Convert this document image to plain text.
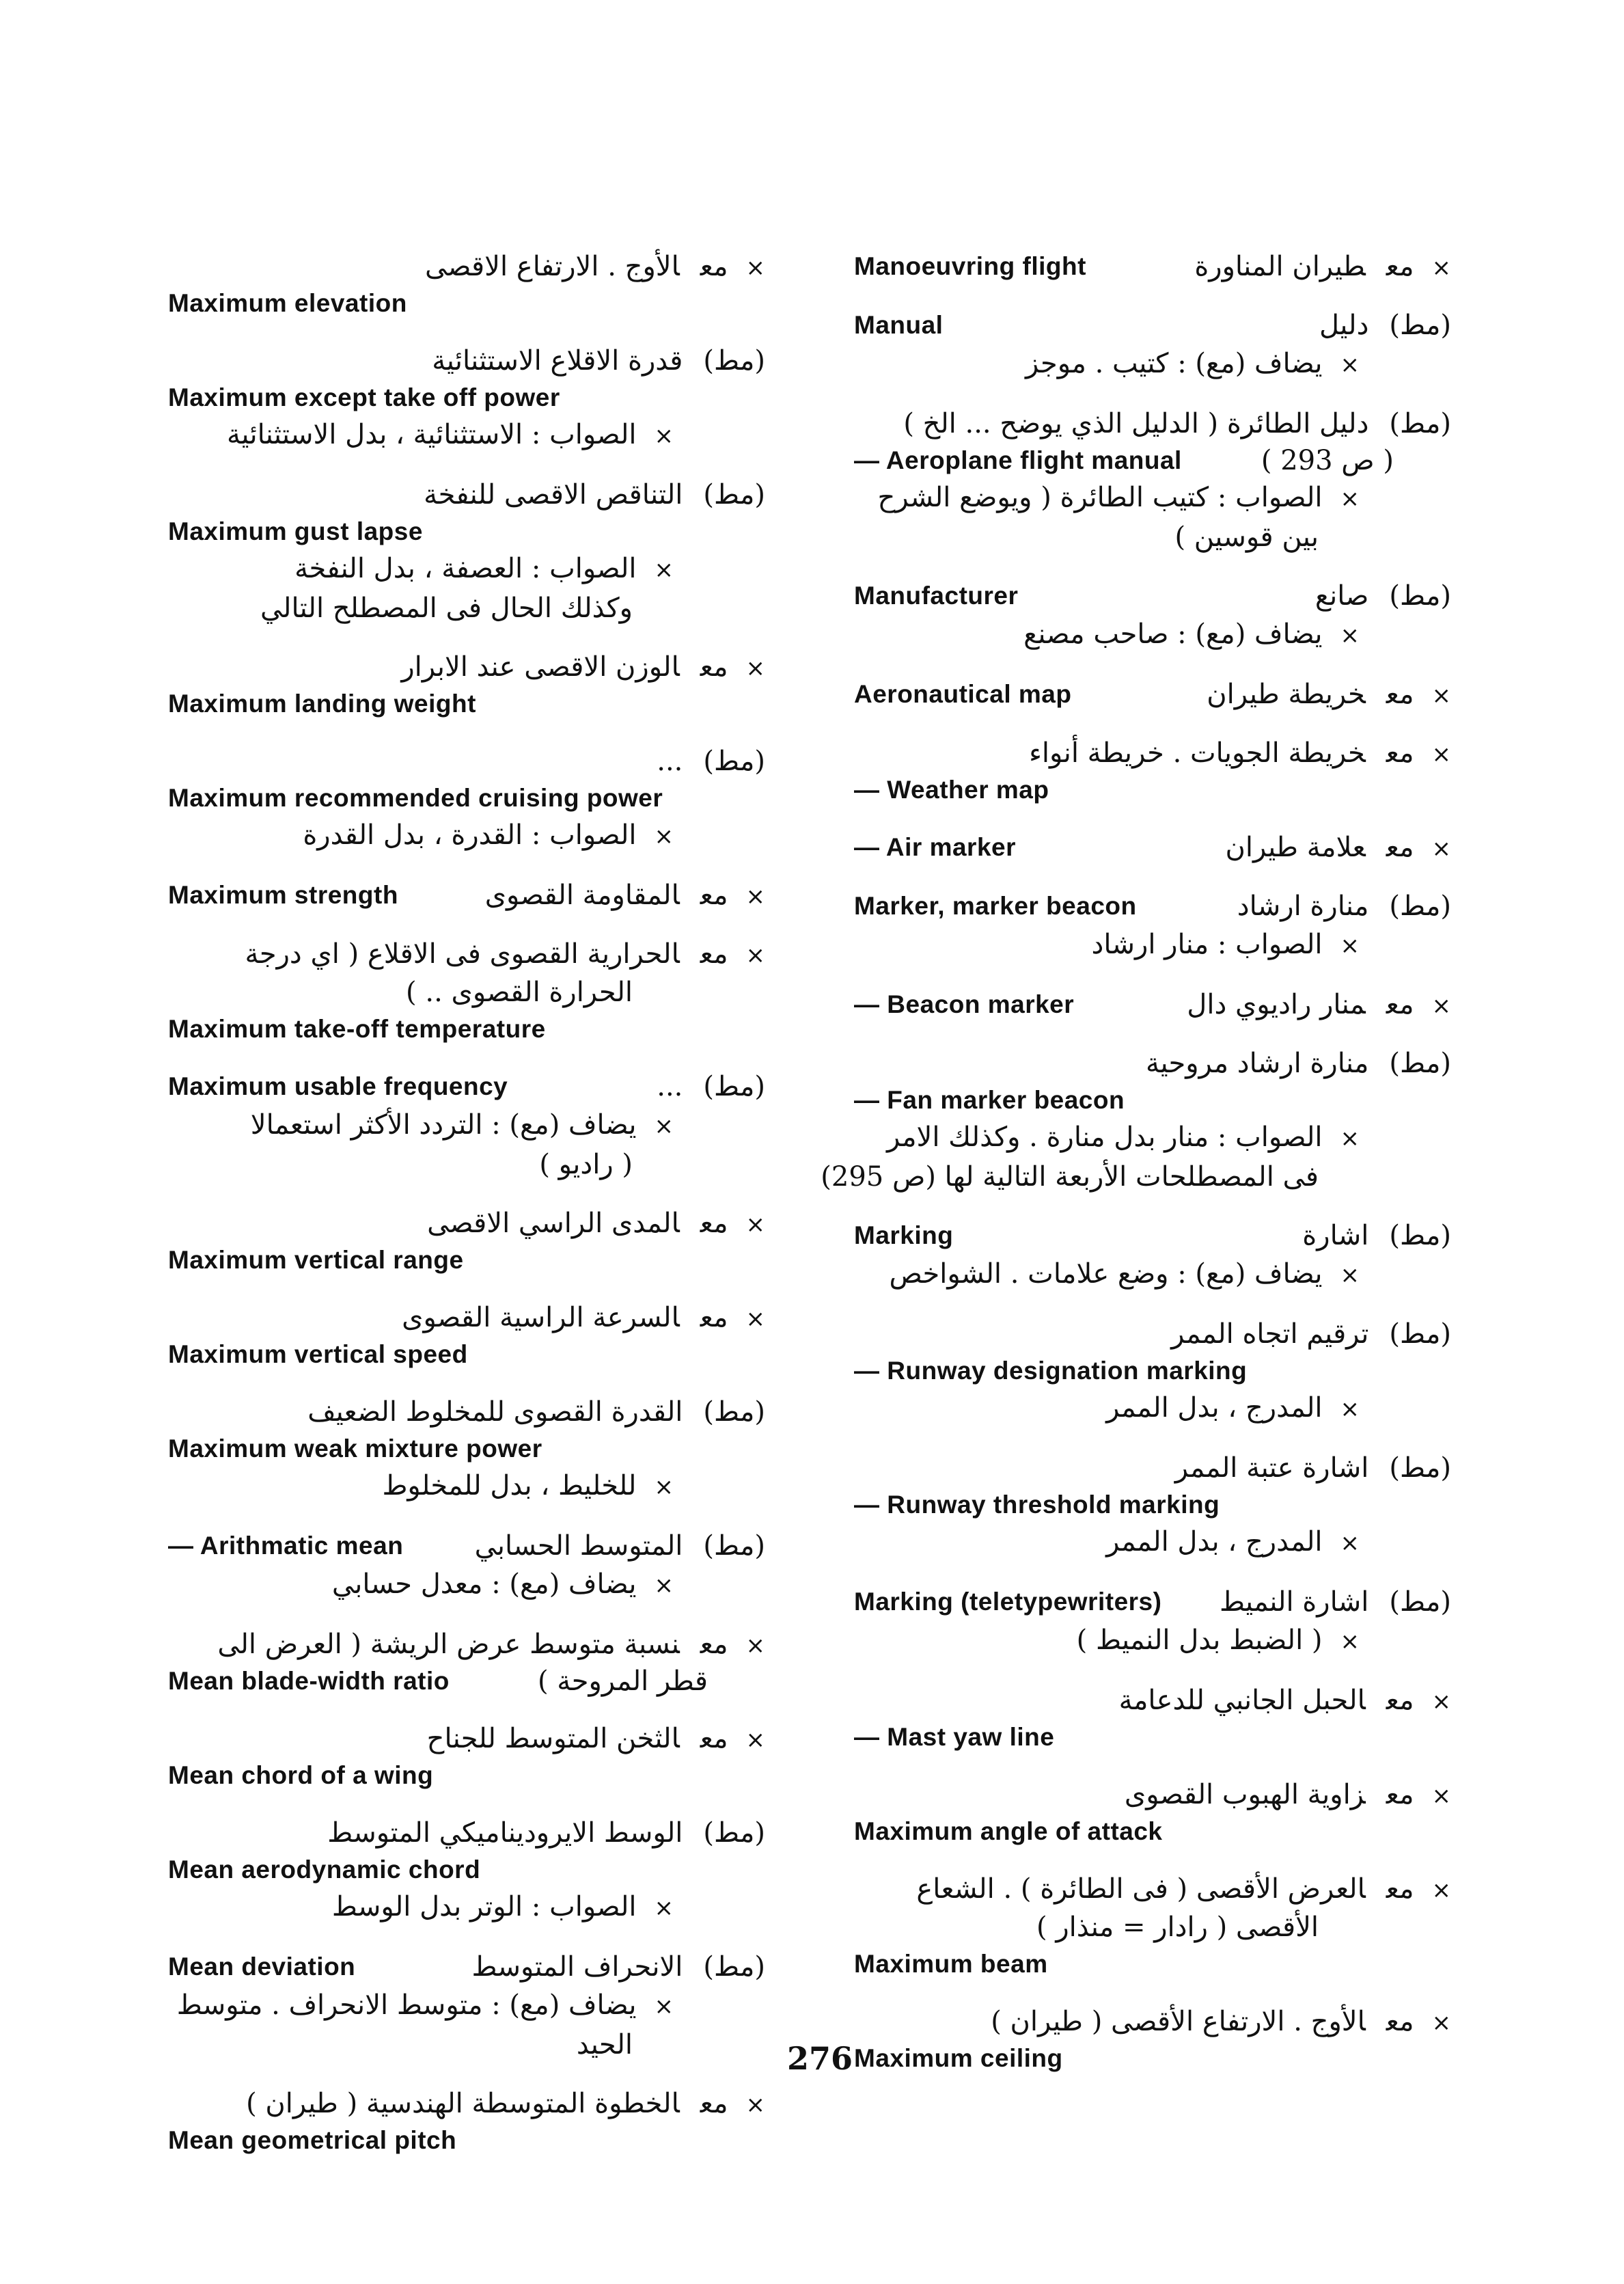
×معالأوج . الارتفاع الاقصى
Maximum elevation
(مط)قدرة الاقلاع الاستثنائية
Maximum except take off power
×الصواب : الاستثنائية ، بدل الاستثنائية
(مط)التناقص الاقصى للنفخة
Maximum gust lapse
×الصواب : العصفة ، بدل النفخة
وكذلك الحال فى المصطلح التالي
×معالوزن الاقصى عند الابرار
Maximum landing weight
(مط)...
Maximum recommended cruising power
×الصواب : القدرة ، بدل القدرة
×معالمقاومة القصوى
Maximum strength
×معالحرارية القصوى فى الاقلاع ( اي درجة
الحرارة القصوى .. )
Maximum take-off temperature
(مط)...
Maximum usable frequency
×يضاف (مع) : التردد الأكثر استعمالا
( راديو )
×معالمدى الراسي الاقصى
Maximum vertical range
×معالسرعة الراسية القصوى
Maximum vertical speed
(مط)القدرة القصوى للمخلوط الضعيف
Maximum weak mixture power
×للخليط ، بدل للمخلوط
(مط)المتوسط الحسابي
— Arithmatic mean
×يضاف (مع) : معدل حسابي
×معنسبة متوسط عرض الريشة ( العرض الى
Mean blade-width ratio	قطر المروحة )
×معالثخن المتوسط للجناح
Mean chord of a wing
(مط)الوسط الايروديناميكي المتوسط
Mean aerodynamic chord
×الصواب : الوتر بدل الوسط
(مط)الانحراف المتوسط
Mean deviation
×يضاف (مع) : متوسط الانحراف . متوسط
الحيد
×معالخطوة المتوسطة الهندسية ( طيران )
Mean geometrical pitch
×معطيران المناورة
Manoeuvring flight
(مط)دليل
Manual
×يضاف (مع) : كتيب . موجز
(مط)دليل الطائرة ( الدليل الذي يوضح ... الخ )
— Aeroplane flight manual	( ص 293 )
×الصواب : كتيب الطائرة ( ويوضع الشرح
بين قوسين )
(مط)صانع
Manufacturer
×يضاف (مع) : صاحب مصنع
×معخريطة طيران
Aeronautical map
×معخريطة الجويات . خريطة أنواء
— Weather map
×مععلامة طيران
— Air marker
(مط)منارة ارشاد
Marker, marker beacon
×الصواب : منار ارشاد
×معمنار راديوي دال
— Beacon marker
(مط)منارة ارشاد مروحية
— Fan marker beacon
×الصواب : منار بدل منارة . وكذلك الامر
فى المصطلحات الأربعة التالية لها (ص 295)
(مط)اشارة
Marking
×يضاف (مع) : وضع علامات . الشواخص
(مط)ترقيم اتجاه الممر
— Runway designation marking
×المدرج ، بدل الممر
(مط)اشارة عتبة الممر
— Runway threshold marking
×المدرج ، بدل الممر
(مط)اشارة النميط
Marking (teletypewriters)
×( الضبط بدل النميط )
×معالحبل الجانبي للدعامة
— Mast yaw line
×معزاوية الهبوب القصوى
Maximum angle of attack
×معالعرض الأقصى ( فى الطائرة ) . الشعاع
الأقصى ( رادار = منذار )
Maximum beam
×معالأوج . الارتفاع الأقصى ( طيران )
Maximum ceiling
276
